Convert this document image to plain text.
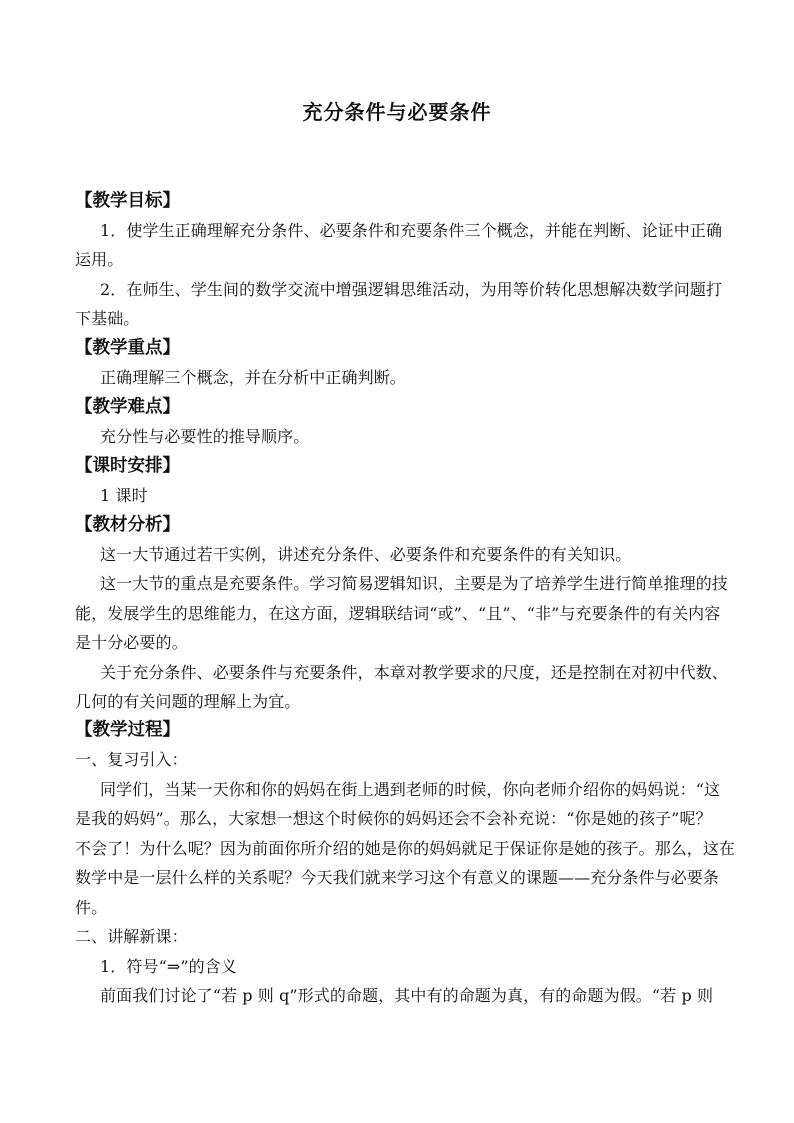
充分条件与必要条件
【教学目标】
1．使学生正确理解充分条件、必要条件和充要条件三个概念，并能在判断、论证中正确
运用。
2．在师生、学生间的数学交流中增强逻辑思维活动，为用等价转化思想解决数学问题打
下基础。
【教学重点】
正确理解三个概念，并在分析中正确判断。
【教学难点】
充分性与必要性的推导顺序。
【课时安排】
1 课时
【教材分析】
这一大节通过若干实例，讲述充分条件、必要条件和充要条件的有关知识。
这一大节的重点是充要条件。学习简易逻辑知识，主要是为了培养学生进行简单推理的技
能，发展学生的思维能力，在这方面，逻辑联结词“或”、“且”、“非”与充要条件的有关内容
是十分必要的。
关于充分条件、必要条件与充要条件，本章对教学要求的尺度，还是控制在对初中代数、
几何的有关问题的理解上为宜。
【教学过程】
一、复习引入：
同学们，当某一天你和你的妈妈在街上遇到老师的时候，你向老师介绍你的妈妈说：“这
是我的妈妈”。那么，大家想一想这个时候你的妈妈还会不会补充说：“你是她的孩子”呢？
不会了！为什么呢？因为前面你所介绍的她是你的妈妈就足于保证你是她的孩子。那么，这在
数学中是一层什么样的关系呢？今天我们就来学习这个有意义的课题——充分条件与必要条
件。
二、讲解新课：
1．符号“⇒”的含义
前面我们讨论了“若 p 则 q”形式的命题，其中有的命题为真，有的命题为假。“若 p 则
